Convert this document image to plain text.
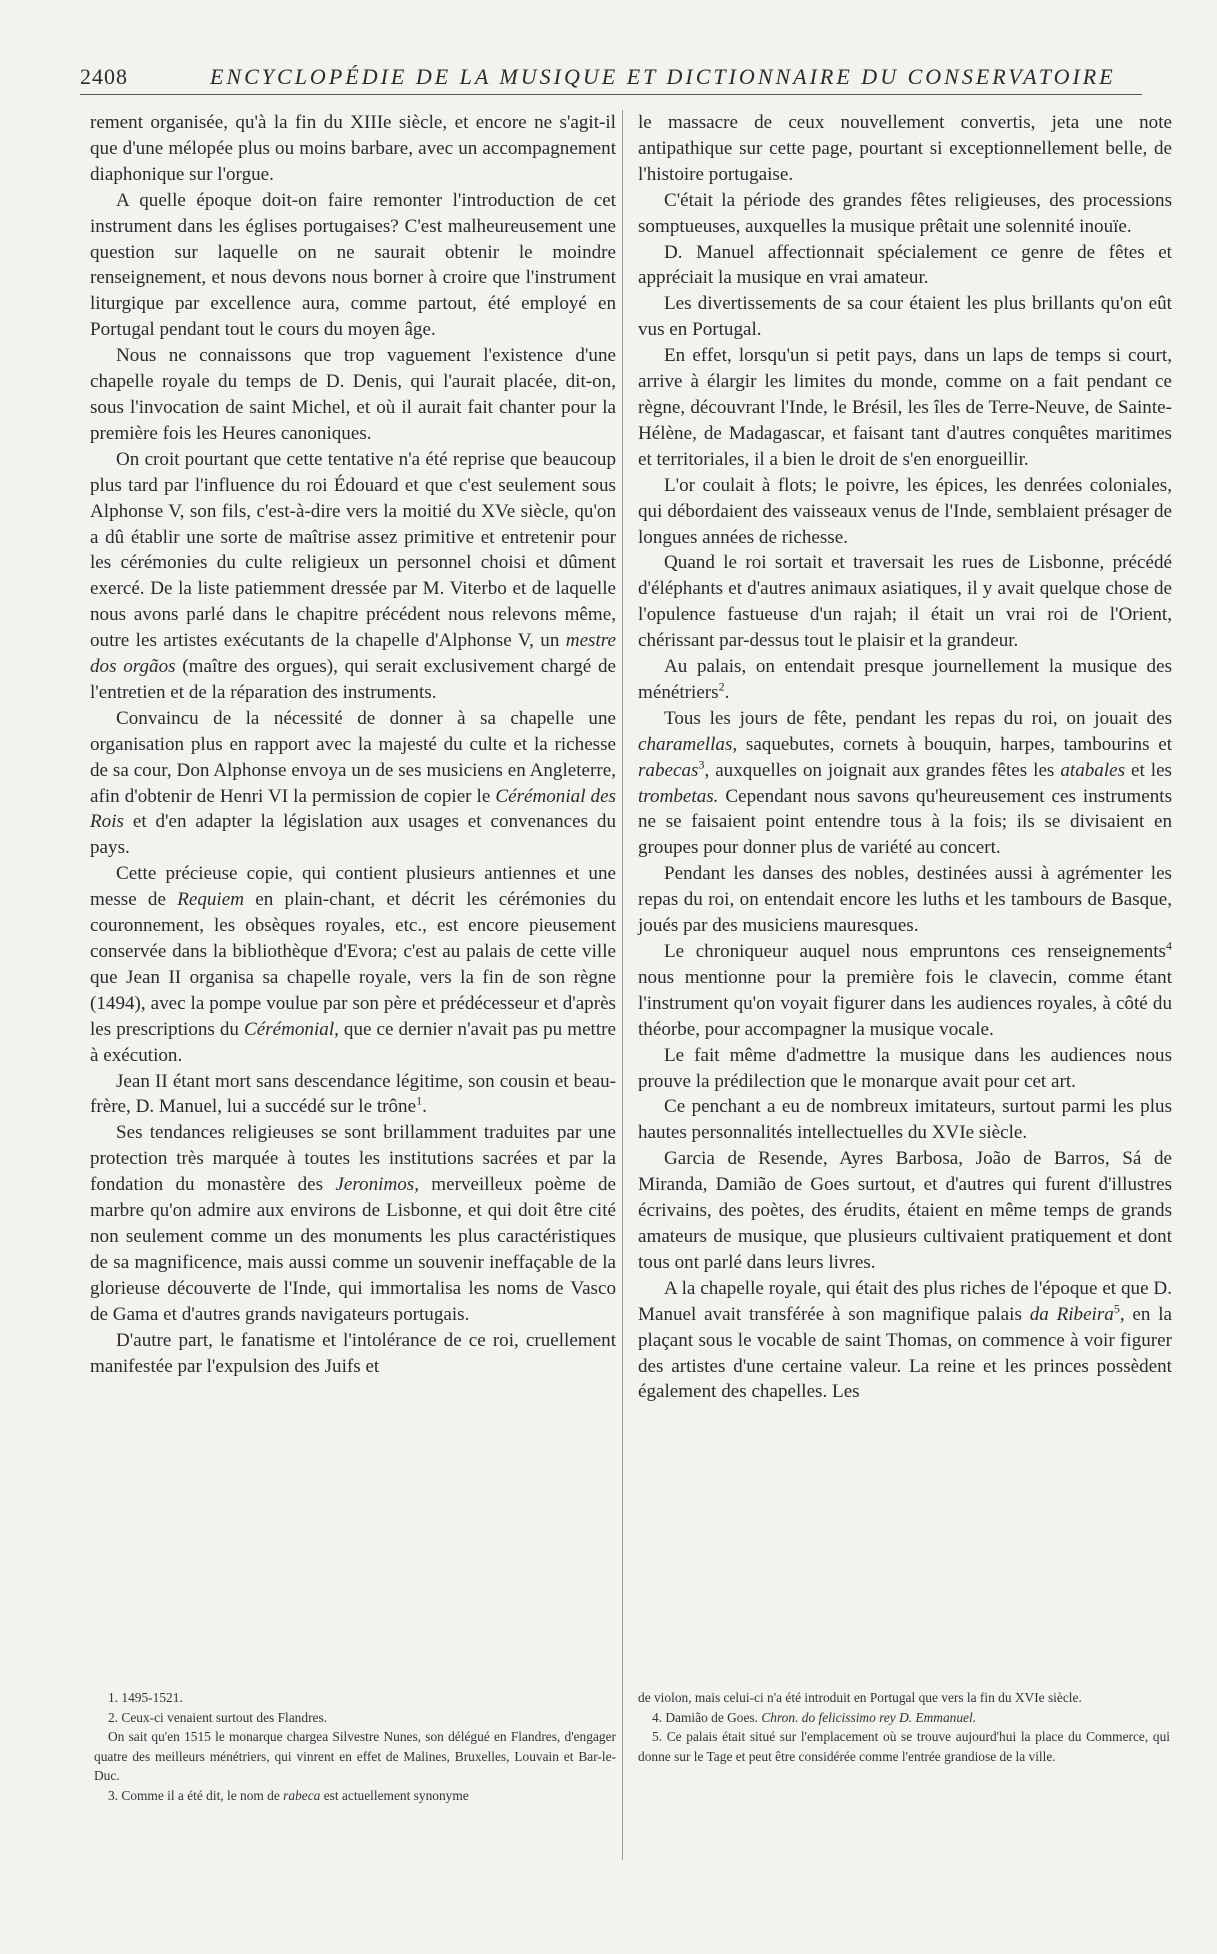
2408	ENCYCLOPÉDIE DE LA MUSIQUE ET DICTIONNAIRE DU CONSERVATOIRE

rement organisée, qu'à la fin du XIIIe siècle, et encore ne s'agit-il que d'une mélopée plus ou moins barbare, avec un accompagnement diaphonique sur l'orgue.

A quelle époque doit-on faire remonter l'introduction de cet instrument dans les églises portugaises? C'est malheureusement une question sur laquelle on ne saurait obtenir le moindre renseignement, et nous devons nous borner à croire que l'instrument liturgique par excellence aura, comme partout, été employé en Portugal pendant tout le cours du moyen âge.

Nous ne connaissons que trop vaguement l'existence d'une chapelle royale du temps de D. Denis, qui l'aurait placée, dit-on, sous l'invocation de saint Michel, et où il aurait fait chanter pour la première fois les Heures canoniques.

On croit pourtant que cette tentative n'a été reprise que beaucoup plus tard par l'influence du roi Édouard et que c'est seulement sous Alphonse V, son fils, c'est-à-dire vers la moitié du XVe siècle, qu'on a dû établir une sorte de maîtrise assez primitive et entretenir pour les cérémonies du culte religieux un personnel choisi et dûment exercé. De la liste patiemment dressée par M. Viterbo et de laquelle nous avons parlé dans le chapitre précédent nous relevons même, outre les artistes exécutants de la chapelle d'Alphonse V, un mestre dos orgãos (maître des orgues), qui serait exclusivement chargé de l'entretien et de la réparation des instruments.

Convaincu de la nécessité de donner à sa chapelle une organisation plus en rapport avec la majesté du culte et la richesse de sa cour, Don Alphonse envoya un de ses musiciens en Angleterre, afin d'obtenir de Henri VI la permission de copier le Cérémonial des Rois et d'en adapter la législation aux usages et convenances du pays.

Cette précieuse copie, qui contient plusieurs antiennes et une messe de Requiem en plain-chant, et décrit les cérémonies du couronnement, les obsèques royales, etc., est encore pieusement conservée dans la bibliothèque d'Evora; c'est au palais de cette ville que Jean II organisa sa chapelle royale, vers la fin de son règne (1494), avec la pompe voulue par son père et prédécesseur et d'après les prescriptions du Cérémonial, que ce dernier n'avait pas pu mettre à exécution.

Jean II étant mort sans descendance légitime, son cousin et beau-frère, D. Manuel, lui a succédé sur le trône$^1$.

Ses tendances religieuses se sont brillamment traduites par une protection très marquée à toutes les institutions sacrées et par la fondation du monastère des Jeronimos, merveilleux poème de marbre qu'on admire aux environs de Lisbonne, et qui doit être cité non seulement comme un des monuments les plus caractéristiques de sa magnificence, mais aussi comme un souvenir ineffaçable de la glorieuse découverte de l'Inde, qui immortalisa les noms de Vasco de Gama et d'autres grands navigateurs portugais.

D'autre part, le fanatisme et l'intolérance de ce roi, cruellement manifestée par l'expulsion des Juifs et

le massacre de ceux nouvellement convertis, jeta une note antipathique sur cette page, pourtant si exceptionnellement belle, de l'histoire portugaise.

C'était la période des grandes fêtes religieuses, des processions somptueuses, auxquelles la musique prêtait une solennité inouïe.

D. Manuel affectionnait spécialement ce genre de fêtes et appréciait la musique en vrai amateur.

Les divertissements de sa cour étaient les plus brillants qu'on eût vus en Portugal.

En effet, lorsqu'un si petit pays, dans un laps de temps si court, arrive à élargir les limites du monde, comme on a fait pendant ce règne, découvrant l'Inde, le Brésil, les îles de Terre-Neuve, de Sainte-Hélène, de Madagascar, et faisant tant d'autres conquêtes maritimes et territoriales, il a bien le droit de s'en enorgueillir.

L'or coulait à flots; le poivre, les épices, les denrées coloniales, qui débordaient des vaisseaux venus de l'Inde, semblaient présager de longues années de richesse.

Quand le roi sortait et traversait les rues de Lisbonne, précédé d'éléphants et d'autres animaux asiatiques, il y avait quelque chose de l'opulence fastueuse d'un rajah; il était un vrai roi de l'Orient, chérissant par-dessus tout le plaisir et la grandeur.

Au palais, on entendait presque journellement la musique des ménétriers$^2$.

Tous les jours de fête, pendant les repas du roi, on jouait des charamellas, saquebutes, cornets à bouquin, harpes, tambourins et rabecas$^3$, auxquelles on joignait aux grandes fêtes les atabales et les trombetas. Cependant nous savons qu'heureusement ces instruments ne se faisaient point entendre tous à la fois; ils se divisaient en groupes pour donner plus de variété au concert.

Pendant les danses des nobles, destinées aussi à agrémenter les repas du roi, on entendait encore les luths et les tambours de Basque, joués par des musiciens mauresques.

Le chroniqueur auquel nous empruntons ces renseignements$^4$ nous mentionne pour la première fois le clavecin, comme étant l'instrument qu'on voyait figurer dans les audiences royales, à côté du théorbe, pour accompagner la musique vocale.

Le fait même d'admettre la musique dans les audiences nous prouve la prédilection que le monarque avait pour cet art.

Ce penchant a eu de nombreux imitateurs, surtout parmi les plus hautes personnalités intellectuelles du XVIe siècle.

Garcia de Resende, Ayres Barbosa, João de Barros, Sá de Miranda, Damião de Goes surtout, et d'autres qui furent d'illustres écrivains, des poètes, des érudits, étaient en même temps de grands amateurs de musique, que plusieurs cultivaient pratiquement et dont tous ont parlé dans leurs livres.

A la chapelle royale, qui était des plus riches de l'époque et que D. Manuel avait transférée à son magnifique palais da Ribeira$^5$, en la plaçant sous le vocable de saint Thomas, on commence à voir figurer des artistes d'une certaine valeur. La reine et les princes possèdent également des chapelles. Les

1. 1495-1521.

2. Ceux-ci venaient surtout des Flandres.

On sait qu'en 1515 le monarque chargea Silvestre Nunes, son délégué en Flandres, d'engager quatre des meilleurs ménétriers, qui vinrent en effet de Malines, Bruxelles, Louvain et Bar-le-Duc.

3. Comme il a été dit, le nom de rabeca est actuellement synonyme

de violon, mais celui-ci n'a été introduit en Portugal que vers la fin du XVIe siècle.

4. Damião de Goes. Chron. do felicissimo rey D. Emmanuel.

5. Ce palais était situé sur l'emplacement où se trouve aujourd'hui la place du Commerce, qui donne sur le Tage et peut être considérée comme l'entrée grandiose de la ville.
